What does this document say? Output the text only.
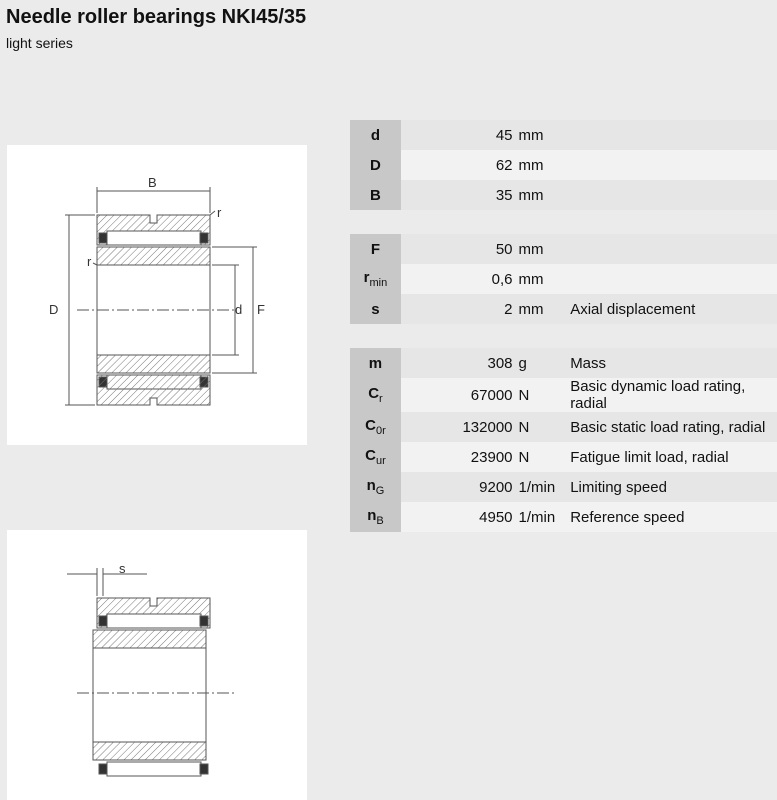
Needle roller bearings NKI45/35
light series
B
r
r
D	d F
s
d	45	mm	
D	62	mm	
B	35	mm	

F	50	mm	
$r_{min}$	0,6	mm	
s	2	mm	Axial displacement

m	308	g	Mass
$C_r$	67000	N	Basic dynamic load rating, radial
$C_{0r}$	132000	N	Basic static load rating, radial
$C_{ur}$	23900	N	Fatigue limit load, radial
$n_G$	9200	1/min	Limiting speed
$n_B$	4950	1/min	Reference speed
